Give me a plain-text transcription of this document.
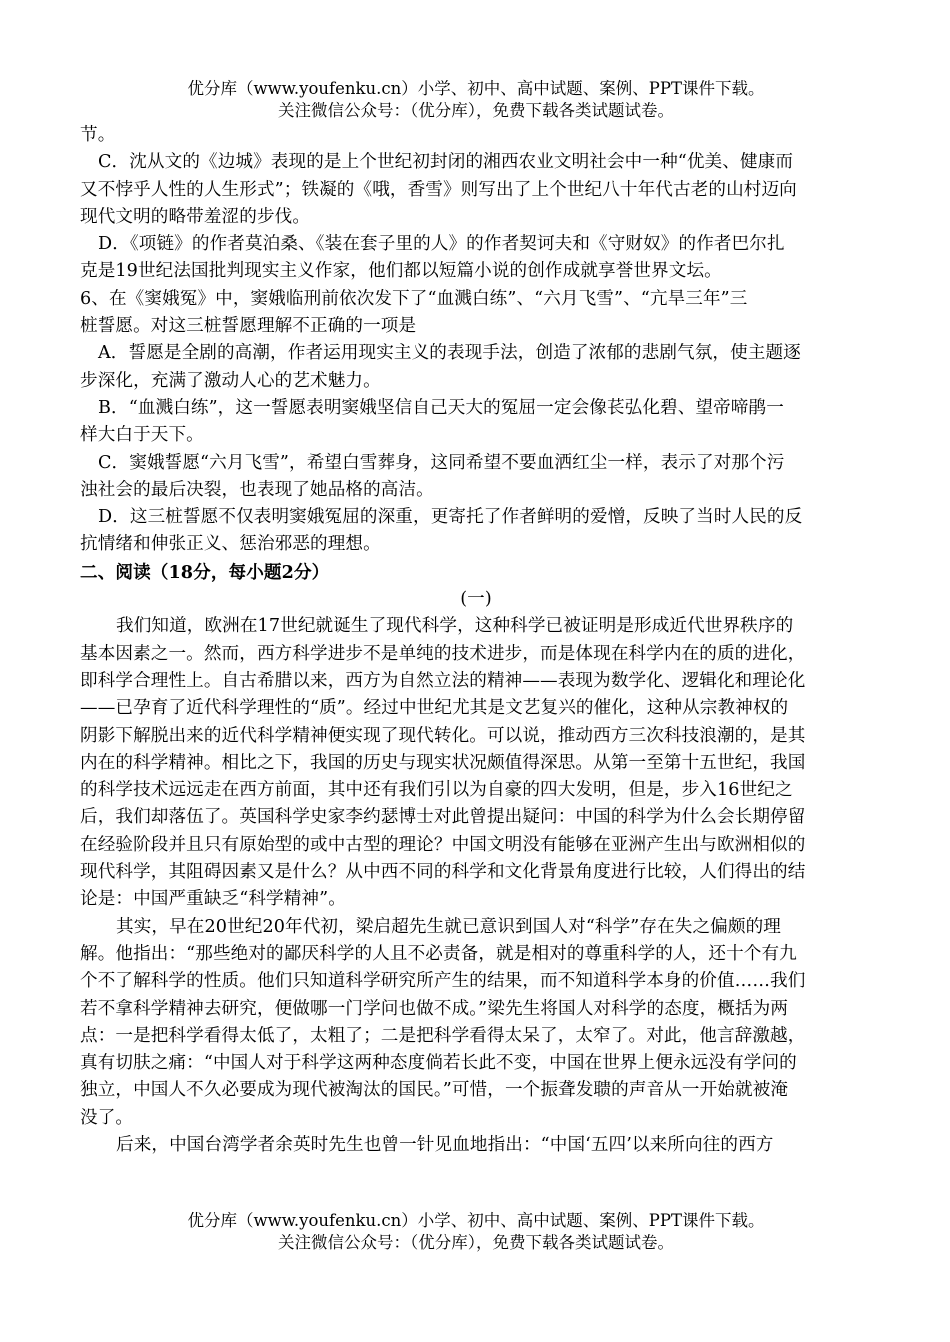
优分库（www.youfenku.cn）小学、初中、高中试题、案例、PPT课件下载。
关注微信公众号：（优分库），免费下载各类试题试卷。
节。
C．沈从文的《边城》表现的是上个世纪初封闭的湘西农业文明社会中一种“优美、健康而
又不悖乎人性的人生形式”；铁凝的《哦，香雪》则写出了上个世纪八十年代古老的山村迈向
现代文明的略带羞涩的步伐。
D．《项链》的作者莫泊桑、《装在套子里的人》的作者契诃夫和《守财奴》的作者巴尔扎
克是19世纪法国批判现实主义作家，他们都以短篇小说的创作成就享誉世界文坛。
6、在《窦娥冤》中，窦娥临刑前依次发下了“血溅白练”、“六月飞雪”、“亢旱三年”三
桩誓愿。对这三桩誓愿理解不正确的一项是
A．誓愿是全剧的高潮，作者运用现实主义的表现手法，创造了浓郁的悲剧气氛，使主题逐
步深化，充满了激动人心的艺术魅力。
B．“血溅白练”，这一誓愿表明窦娥坚信自己天大的冤屈一定会像苌弘化碧、望帝啼鹃一
样大白于天下。
C．窦娥誓愿“六月飞雪”，希望白雪葬身，这同希望不要血洒红尘一样，表示了对那个污
浊社会的最后决裂，也表现了她品格的高洁。
D．这三桩誓愿不仅表明窦娥冤屈的深重，更寄托了作者鲜明的爱憎，反映了当时人民的反
抗情绪和伸张正义、惩治邪恶的理想。
二、阅读（18分，每小题2分）
(一)
我们知道，欧洲在17世纪就诞生了现代科学，这种科学已被证明是形成近代世界秩序的
基本因素之一。然而，西方科学进步不是单纯的技术进步，而是体现在科学内在的质的进化，
即科学合理性上。自古希腊以来，西方为自然立法的精神——表现为数学化、逻辑化和理论化
——已孕育了近代科学理性的“质”。经过中世纪尤其是文艺复兴的催化，这种从宗教神权的
阴影下解脱出来的近代科学精神便实现了现代转化。可以说，推动西方三次科技浪潮的，是其
内在的科学精神。相比之下，我国的历史与现实状况颇值得深思。从第一至第十五世纪，我国
的科学技术远远走在西方前面，其中还有我们引以为自豪的四大发明，但是，步入16世纪之
后，我们却落伍了。英国科学史家李约瑟博士对此曾提出疑问：中国的科学为什么会长期停留
在经验阶段并且只有原始型的或中古型的理论？中国文明没有能够在亚洲产生出与欧洲相似的
现代科学，其阻碍因素又是什么？从中西不同的科学和文化背景角度进行比较，人们得出的结
论是：中国严重缺乏“科学精神”。
其实，早在20世纪20年代初，梁启超先生就已意识到国人对“科学”存在失之偏颇的理
解。他指出：“那些绝对的鄙厌科学的人且不必责备，就是相对的尊重科学的人，还十个有九
个不了解科学的性质。他们只知道科学研究所产生的结果，而不知道科学本身的价值……我们
若不拿科学精神去研究，便做哪一门学问也做不成。”梁先生将国人对科学的态度，概括为两
点：一是把科学看得太低了，太粗了；二是把科学看得太呆了，太窄了。对此，他言辞激越，
真有切肤之痛：“中国人对于科学这两种态度倘若长此不变，中国在世界上便永远没有学问的
独立，中国人不久必要成为现代被淘汰的国民。”可惜，一个振聋发聩的声音从一开始就被淹
没了。
后来，中国台湾学者余英时先生也曾一针见血地指出：“中国‘五四’以来所向往的西方
优分库（www.youfenku.cn）小学、初中、高中试题、案例、PPT课件下载。
关注微信公众号：（优分库），免费下载各类试题试卷。
